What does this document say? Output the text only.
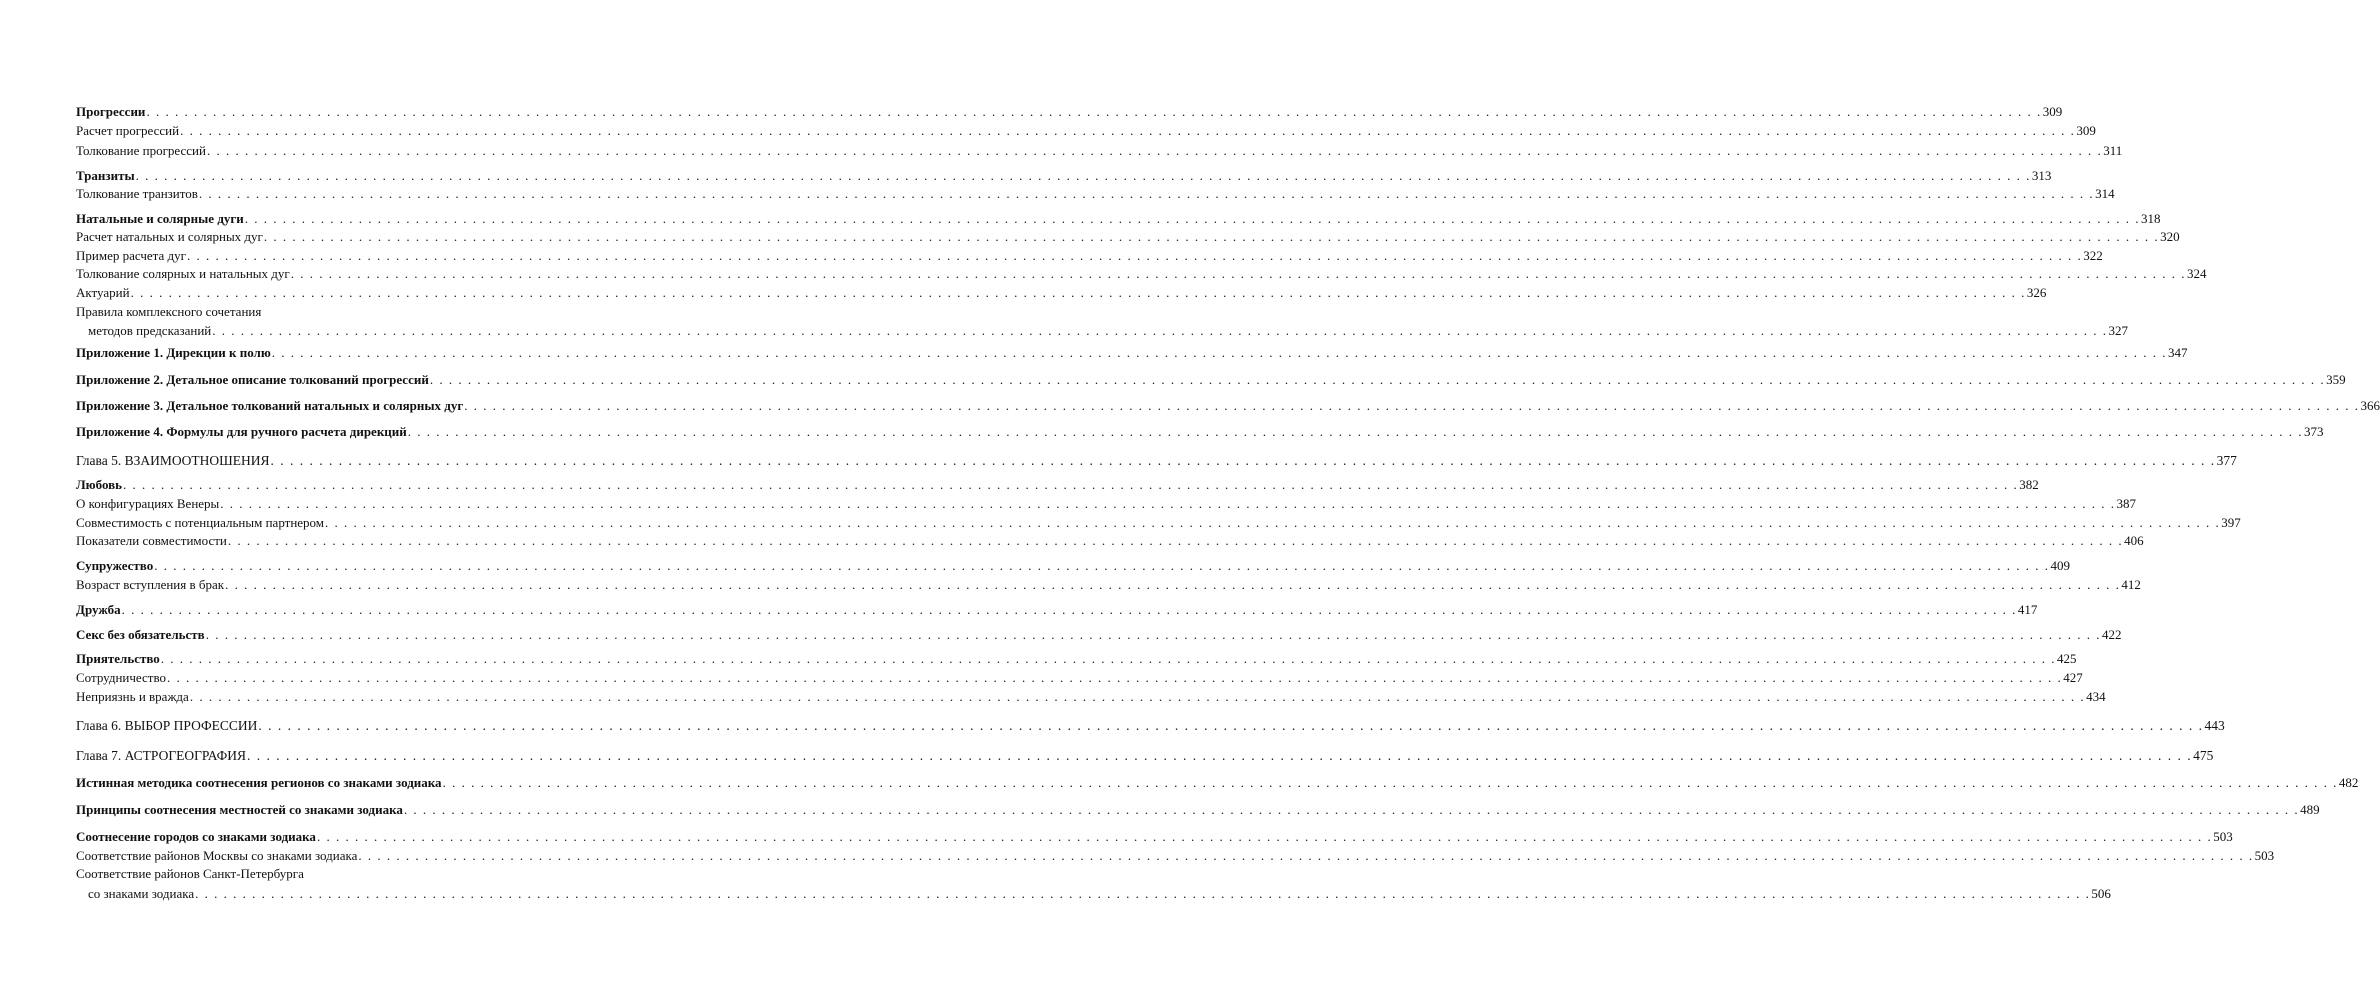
Прогрессии . . . . . . . . . . . . . . . . . . . . . . . . . . . . . . . . . . . . . . . . . . . . . . . . . . . . . . . . . . . . . . . . . . . . . . . . . . . . . . . . . . . . . . . . . . . . . . . . . . . . . . . . . . . . . . . . . . . . . . . . . . . . . . . . . . . . . . . . . . . . . . . . . . . . . . . . . . . . . . . . . . . . . . . . . . . . . . . . . . . . . . . . . . . . . . . . . . . . . . . . 309
Расчет прогрессий . . . . . . . . . . . . . . . . . . . . . . . . . . . . . . . . . . . . . . . . . . . . . . . . . . . . . . . . . . . . . . . . . . . . . . . . . . . . . . . . . . . . . . . . . . . . . . . . . . . . . . . . . . . . . . . . . . . . . . . . . . . . . . . . . . . . . . . . . . . . . . . . . . . . . . . . . . . . . . . . . . . . . . . . . . . . . . . . . . . . . . . . . . . . . . . . . . . . . . . . 309
Толкование прогрессий . . . . . . . . . . . . . . . . . . . . . . . . . . . . . . . . . . . . . . . . . . . . . . . . . . . . . . . . . . . . . . . . . . . . . . . . . . . . . . . . . . . . . . . . . . . . . . . . . . . . . . . . . . . . . . . . . . . . . . . . . . . . . . . . . . . . . . . . . . . . . . . . . . . . . . . . . . . . . . . . . . . . . . . . . . . . . . . . . . . . . . . . . . . . . . . . . . . . . . . . 311
Транзиты . . . . . . . . . . . . . . . . . . . . . . . . . . . . . . . . . . . . . . . . . . . . . . . . . . . . . . . . . . . . . . . . . . . . . . . . . . . . . . . . . . . . . . . . . . . . . . . . . . . . . . . . . . . . . . . . . . . . . . . . . . . . . . . . . . . . . . . . . . . . . . . . . . . . . . . . . . . . . . . . . . . . . . . . . . . . . . . . . . . . . . . . . . . . . . . . . . . . . . . . 313
Толкование транзитов . . . . . . . . . . . . . . . . . . . . . . . . . . . . . . . . . . . . . . . . . . . . . . . . . . . . . . . . . . . . . . . . . . . . . . . . . . . . . . . . . . . . . . . . . . . . . . . . . . . . . . . . . . . . . . . . . . . . . . . . . . . . . . . . . . . . . . . . . . . . . . . . . . . . . . . . . . . . . . . . . . . . . . . . . . . . . . . . . . . . . . . . . . . . . . . . . . . . . . . . 314
Натальные и солярные дуги . . . . . . . . . . . . . . . . . . . . . . . . . . . . . . . . . . . . . . . . . . . . . . . . . . . . . . . . . . . . . . . . . . . . . . . . . . . . . . . . . . . . . . . . . . . . . . . . . . . . . . . . . . . . . . . . . . . . . . . . . . . . . . . . . . . . . . . . . . . . . . . . . . . . . . . . . . . . . . . . . . . . . . . . . . . . . . . . . . . . . . . . . . . . . . . . . . . . . . . . 318
Расчет натальных и солярных дуг . . . . . . . . . . . . . . . . . . . . . . . . . . . . . . . . . . . . . . . . . . . . . . . . . . . . . . . . . . . . . . . . . . . . . . . . . . . . . . . . . . . . . . . . . . . . . . . . . . . . . . . . . . . . . . . . . . . . . . . . . . . . . . . . . . . . . . . . . . . . . . . . . . . . . . . . . . . . . . . . . . . . . . . . . . . . . . . . . . . . . . . . . . . . . . . . . . . . . . . . 320
Пример расчета дуг . . . . . . . . . . . . . . . . . . . . . . . . . . . . . . . . . . . . . . . . . . . . . . . . . . . . . . . . . . . . . . . . . . . . . . . . . . . . . . . . . . . . . . . . . . . . . . . . . . . . . . . . . . . . . . . . . . . . . . . . . . . . . . . . . . . . . . . . . . . . . . . . . . . . . . . . . . . . . . . . . . . . . . . . . . . . . . . . . . . . . . . . . . . . . . . . . . . . . . . . 322
Толкование солярных и натальных дуг . . . . . . . . . . . . . . . . . . . . . . . . . . . . . . . . . . . . . . . . . . . . . . . . . . . . . . . . . . . . . . . . . . . . . . . . . . . . . . . . . . . . . . . . . . . . . . . . . . . . . . . . . . . . . . . . . . . . . . . . . . . . . . . . . . . . . . . . . . . . . . . . . . . . . . . . . . . . . . . . . . . . . . . . . . . . . . . . . . . . . . . . . . . . . . . . . . . . . . . . 324
Актуарий . . . . . . . . . . . . . . . . . . . . . . . . . . . . . . . . . . . . . . . . . . . . . . . . . . . . . . . . . . . . . . . . . . . . . . . . . . . . . . . . . . . . . . . . . . . . . . . . . . . . . . . . . . . . . . . . . . . . . . . . . . . . . . . . . . . . . . . . . . . . . . . . . . . . . . . . . . . . . . . . . . . . . . . . . . . . . . . . . . . . . . . . . . . . . . . . . . . . . . . . 326
Правила комплексного сочетания
методов предсказаний . . . . . . . . . . . . . . . . . . . . . . . . . . . . . . . . . . . . . . . . . . . . . . . . . . . . . . . . . . . . . . . . . . . . . . . . . . . . . . . . . . . . . . . . . . . . . . . . . . . . . . . . . . . . . . . . . . . . . . . . . . . . . . . . . . . . . . . . . . . . . . . . . . . . . . . . . . . . . . . . . . . . . . . . . . . . . . . . . . . . . . . . . . . . . . . . . . . . . . . . 327
Приложение 1. Дирекции к полю . . . . . . . . . . . . . . . . . . . . . . . . . . . . . . . . . . . . . . . . . . . . . . . . . . . . . . . . . . . . . . . . . . . . . . . . . . . . . . . . . . . . . . . . . . . . . . . . . . . . . . . . . . . . . . . . . . . . . . . . . . . . . . . . . . . . . . . . . . . . . . . . . . . . . . . . . . . . . . . . . . . . . . . . . . . . . . . . . . . . . . . . . . . . . . . . . . . . . . . . 347
Приложение 2. Детальное описание толкований прогрессий . . . . . . . . . . . . . . . . . . . . . . . . . . . . . . . . . . . . . . . . . . . . . . . . . . . . . . . . . . . . . . . . . . . . . . . . . . . . . . . . . . . . . . . . . . . . . . . . . . . . . . . . . . . . . . . . . . . . . . . . . . . . . . . . . . . . . . . . . . . . . . . . . . . . . . . . . . . . . . . . . . . . . . . . . . . . . . . . . . . . . . . . . . . . . . . . . . . . . . . . 359
Приложение 3. Детальное толкований натальных и солярных дуг . . . . . . . . . . . . . . . . . . . . . . . . . . . . . . . . . . . . . . . . . . . . . . . . . . . . . . . . . . . . . . . . . . . . . . . . . . . . . . . . . . . . . . . . . . . . . . . . . . . . . . . . . . . . . . . . . . . . . . . . . . . . . . . . . . . . . . . . . . . . . . . . . . . . . . . . . . . . . . . . . . . . . . . . . . . . . . . . . . . . . . . . . . . . . . . . . . . . . . . . 366
Приложение 4. Формулы для ручного расчета дирекций . . . . . . . . . . . . . . . . . . . . . . . . . . . . . . . . . . . . . . . . . . . . . . . . . . . . . . . . . . . . . . . . . . . . . . . . . . . . . . . . . . . . . . . . . . . . . . . . . . . . . . . . . . . . . . . . . . . . . . . . . . . . . . . . . . . . . . . . . . . . . . . . . . . . . . . . . . . . . . . . . . . . . . . . . . . . . . . . . . . . . . . . . . . . . . . . . . . . . . . . 373
Глава 5. ВЗАИМООТНОШЕНИЯ . . . . . . . . . . . . . . . . . . . . . . . . . . . . . . . . . . . . . . . . . . . . . . . . . . . . . . . . . . . . . . . . . . . . . . . . . . . . . . . . . . . . . . . . . . . . . . . . . . . . . . . . . . . . . . . . . . . . . . . . . . . . . . . . . . . . . . . . . . . . . . . . . . . . . . . . . . . . . . . . . . . . . . . . . . . . . . . . . . . . . . . . . . . . . . . . . . . . . . . . 377
Любовь . . . . . . . . . . . . . . . . . . . . . . . . . . . . . . . . . . . . . . . . . . . . . . . . . . . . . . . . . . . . . . . . . . . . . . . . . . . . . . . . . . . . . . . . . . . . . . . . . . . . . . . . . . . . . . . . . . . . . . . . . . . . . . . . . . . . . . . . . . . . . . . . . . . . . . . . . . . . . . . . . . . . . . . . . . . . . . . . . . . . . . . . . . . . . . . . . . . . . . . . 382
О конфигурациях Венеры . . . . . . . . . . . . . . . . . . . . . . . . . . . . . . . . . . . . . . . . . . . . . . . . . . . . . . . . . . . . . . . . . . . . . . . . . . . . . . . . . . . . . . . . . . . . . . . . . . . . . . . . . . . . . . . . . . . . . . . . . . . . . . . . . . . . . . . . . . . . . . . . . . . . . . . . . . . . . . . . . . . . . . . . . . . . . . . . . . . . . . . . . . . . . . . . . . . . . . . . 387
Совместимость с потенциальным партнером . . . . . . . . . . . . . . . . . . . . . . . . . . . . . . . . . . . . . . . . . . . . . . . . . . . . . . . . . . . . . . . . . . . . . . . . . . . . . . . . . . . . . . . . . . . . . . . . . . . . . . . . . . . . . . . . . . . . . . . . . . . . . . . . . . . . . . . . . . . . . . . . . . . . . . . . . . . . . . . . . . . . . . . . . . . . . . . . . . . . . . . . . . . . . . . . . . . . . . . . 397
Показатели совместимости . . . . . . . . . . . . . . . . . . . . . . . . . . . . . . . . . . . . . . . . . . . . . . . . . . . . . . . . . . . . . . . . . . . . . . . . . . . . . . . . . . . . . . . . . . . . . . . . . . . . . . . . . . . . . . . . . . . . . . . . . . . . . . . . . . . . . . . . . . . . . . . . . . . . . . . . . . . . . . . . . . . . . . . . . . . . . . . . . . . . . . . . . . . . . . . . . . . . . . . . 406
Супружество . . . . . . . . . . . . . . . . . . . . . . . . . . . . . . . . . . . . . . . . . . . . . . . . . . . . . . . . . . . . . . . . . . . . . . . . . . . . . . . . . . . . . . . . . . . . . . . . . . . . . . . . . . . . . . . . . . . . . . . . . . . . . . . . . . . . . . . . . . . . . . . . . . . . . . . . . . . . . . . . . . . . . . . . . . . . . . . . . . . . . . . . . . . . . . . . . . . . . . . . 409
Возраст вступления в брак . . . . . . . . . . . . . . . . . . . . . . . . . . . . . . . . . . . . . . . . . . . . . . . . . . . . . . . . . . . . . . . . . . . . . . . . . . . . . . . . . . . . . . . . . . . . . . . . . . . . . . . . . . . . . . . . . . . . . . . . . . . . . . . . . . . . . . . . . . . . . . . . . . . . . . . . . . . . . . . . . . . . . . . . . . . . . . . . . . . . . . . . . . . . . . . . . . . . . . . . 412
Дружба . . . . . . . . . . . . . . . . . . . . . . . . . . . . . . . . . . . . . . . . . . . . . . . . . . . . . . . . . . . . . . . . . . . . . . . . . . . . . . . . . . . . . . . . . . . . . . . . . . . . . . . . . . . . . . . . . . . . . . . . . . . . . . . . . . . . . . . . . . . . . . . . . . . . . . . . . . . . . . . . . . . . . . . . . . . . . . . . . . . . . . . . . . . . . . . . . . . . . . . . 417
Секс без обязательств . . . . . . . . . . . . . . . . . . . . . . . . . . . . . . . . . . . . . . . . . . . . . . . . . . . . . . . . . . . . . . . . . . . . . . . . . . . . . . . . . . . . . . . . . . . . . . . . . . . . . . . . . . . . . . . . . . . . . . . . . . . . . . . . . . . . . . . . . . . . . . . . . . . . . . . . . . . . . . . . . . . . . . . . . . . . . . . . . . . . . . . . . . . . . . . . . . . . . . . . 422
Приятельство . . . . . . . . . . . . . . . . . . . . . . . . . . . . . . . . . . . . . . . . . . . . . . . . . . . . . . . . . . . . . . . . . . . . . . . . . . . . . . . . . . . . . . . . . . . . . . . . . . . . . . . . . . . . . . . . . . . . . . . . . . . . . . . . . . . . . . . . . . . . . . . . . . . . . . . . . . . . . . . . . . . . . . . . . . . . . . . . . . . . . . . . . . . . . . . . . . . . . . . . 425
Сотрудничество . . . . . . . . . . . . . . . . . . . . . . . . . . . . . . . . . . . . . . . . . . . . . . . . . . . . . . . . . . . . . . . . . . . . . . . . . . . . . . . . . . . . . . . . . . . . . . . . . . . . . . . . . . . . . . . . . . . . . . . . . . . . . . . . . . . . . . . . . . . . . . . . . . . . . . . . . . . . . . . . . . . . . . . . . . . . . . . . . . . . . . . . . . . . . . . . . . . . . . . . 427
Неприязнь и вражда . . . . . . . . . . . . . . . . . . . . . . . . . . . . . . . . . . . . . . . . . . . . . . . . . . . . . . . . . . . . . . . . . . . . . . . . . . . . . . . . . . . . . . . . . . . . . . . . . . . . . . . . . . . . . . . . . . . . . . . . . . . . . . . . . . . . . . . . . . . . . . . . . . . . . . . . . . . . . . . . . . . . . . . . . . . . . . . . . . . . . . . . . . . . . . . . . . . . . . . . 434
Глава 6. ВЫБОР ПРОФЕССИИ . . . . . . . . . . . . . . . . . . . . . . . . . . . . . . . . . . . . . . . . . . . . . . . . . . . . . . . . . . . . . . . . . . . . . . . . . . . . . . . . . . . . . . . . . . . . . . . . . . . . . . . . . . . . . . . . . . . . . . . . . . . . . . . . . . . . . . . . . . . . . . . . . . . . . . . . . . . . . . . . . . . . . . . . . . . . . . . . . . . . . . . . . . . . . . . . . . . . . . . . 443
Глава 7. АСТРОГЕОГРАФИЯ . . . . . . . . . . . . . . . . . . . . . . . . . . . . . . . . . . . . . . . . . . . . . . . . . . . . . . . . . . . . . . . . . . . . . . . . . . . . . . . . . . . . . . . . . . . . . . . . . . . . . . . . . . . . . . . . . . . . . . . . . . . . . . . . . . . . . . . . . . . . . . . . . . . . . . . . . . . . . . . . . . . . . . . . . . . . . . . . . . . . . . . . . . . . . . . . . . . . . . . . 475
Истинная методика соотнесения регионов со знаками зодиака . . . . . . . . . . . . . . . . . . . . . . . . . . . . . . . . . . . . . . . . . . . . . . . . . . . . . . . . . . . . . . . . . . . . . . . . . . . . . . . . . . . . . . . . . . . . . . . . . . . . . . . . . . . . . . . . . . . . . . . . . . . . . . . . . . . . . . . . . . . . . . . . . . . . . . . . . . . . . . . . . . . . . . . . . . . . . . . . . . . . . . . . . . . . . . . . . . . . . . . . 482
Принципы соотнесения местностей со знаками зодиака . . . . . . . . . . . . . . . . . . . . . . . . . . . . . . . . . . . . . . . . . . . . . . . . . . . . . . . . . . . . . . . . . . . . . . . . . . . . . . . . . . . . . . . . . . . . . . . . . . . . . . . . . . . . . . . . . . . . . . . . . . . . . . . . . . . . . . . . . . . . . . . . . . . . . . . . . . . . . . . . . . . . . . . . . . . . . . . . . . . . . . . . . . . . . . . . . . . . . . . . 489
Соотнесение городов со знаками зодиака . . . . . . . . . . . . . . . . . . . . . . . . . . . . . . . . . . . . . . . . . . . . . . . . . . . . . . . . . . . . . . . . . . . . . . . . . . . . . . . . . . . . . . . . . . . . . . . . . . . . . . . . . . . . . . . . . . . . . . . . . . . . . . . . . . . . . . . . . . . . . . . . . . . . . . . . . . . . . . . . . . . . . . . . . . . . . . . . . . . . . . . . . . . . . . . . . . . . . . . . 503
Соответствие районов Москвы со знаками зодиака . . . . . . . . . . . . . . . . . . . . . . . . . . . . . . . . . . . . . . . . . . . . . . . . . . . . . . . . . . . . . . . . . . . . . . . . . . . . . . . . . . . . . . . . . . . . . . . . . . . . . . . . . . . . . . . . . . . . . . . . . . . . . . . . . . . . . . . . . . . . . . . . . . . . . . . . . . . . . . . . . . . . . . . . . . . . . . . . . . . . . . . . . . . . . . . . . . . . . . . . 503
Соответствие районов Санкт-Петербурга
со знаками зодиака . . . . . . . . . . . . . . . . . . . . . . . . . . . . . . . . . . . . . . . . . . . . . . . . . . . . . . . . . . . . . . . . . . . . . . . . . . . . . . . . . . . . . . . . . . . . . . . . . . . . . . . . . . . . . . . . . . . . . . . . . . . . . . . . . . . . . . . . . . . . . . . . . . . . . . . . . . . . . . . . . . . . . . . . . . . . . . . . . . . . . . . . . . . . . . . . . . . . . . . . 506
